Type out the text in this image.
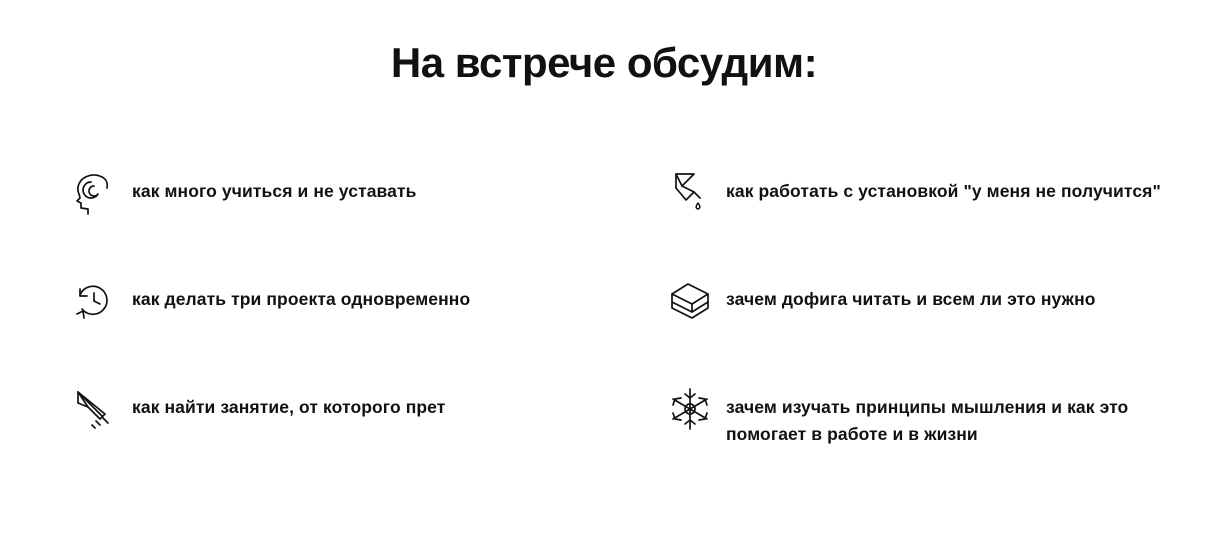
На встрече обсудим:
как много учиться и не уставать
как делать три проекта одновременно
как найти занятие, от которого прет
как работать с установкой "у меня не получится"
зачем дофига читать и всем ли это нужно
зачем изучать принципы мышления и как это помогает в работе и в жизни
